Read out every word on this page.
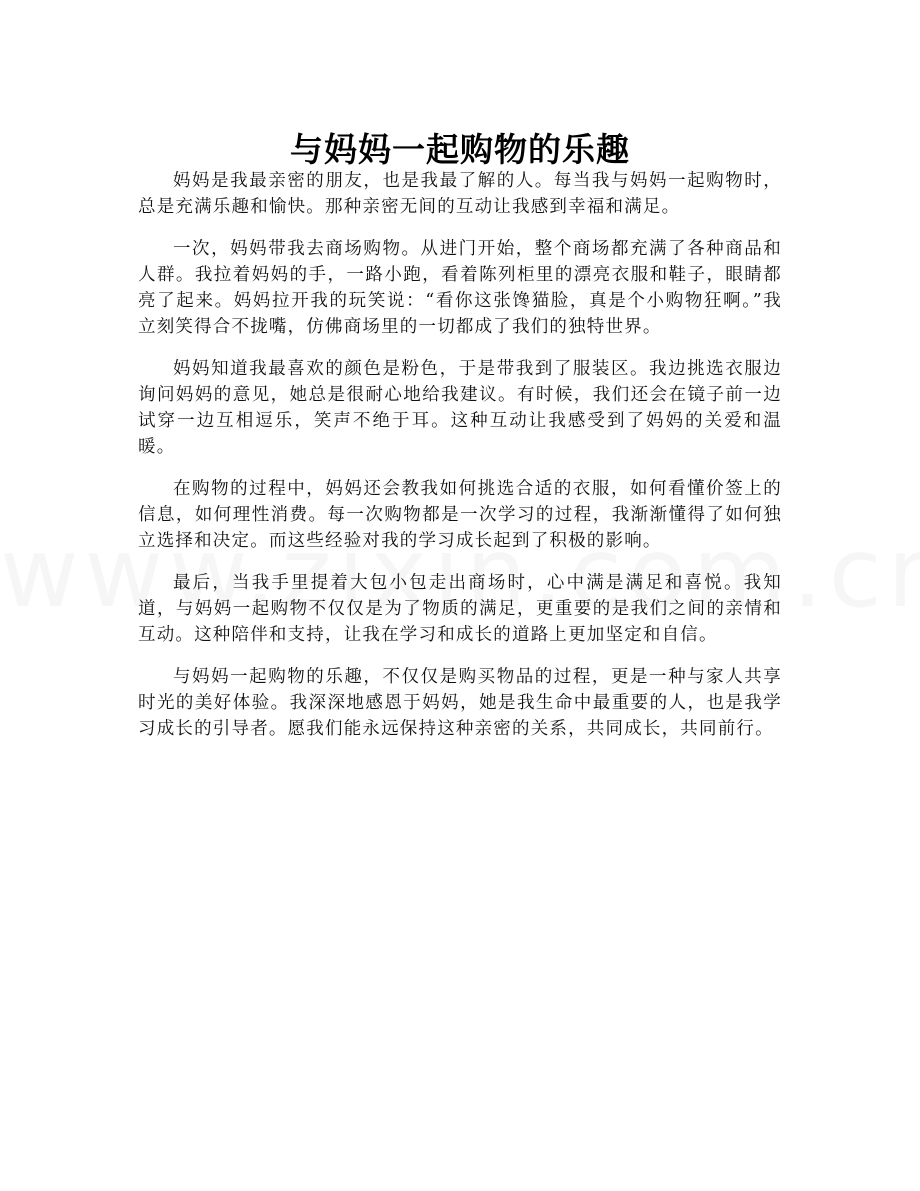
与妈妈一起购物的乐趣

妈妈是我最亲密的朋友，也是我最了解的人。每当我与妈妈一起购物时，总是充满乐趣和愉快。那种亲密无间的互动让我感到幸福和满足。

一次，妈妈带我去商场购物。从进门开始，整个商场都充满了各种商品和人群。我拉着妈妈的手，一路小跑，看着陈列柜里的漂亮衣服和鞋子，眼睛都亮了起来。妈妈拉开我的玩笑说：“看你这张馋猫脸，真是个小购物狂啊。”我立刻笑得合不拢嘴，仿佛商场里的一切都成了我们的独特世界。

妈妈知道我最喜欢的颜色是粉色，于是带我到了服装区。我边挑选衣服边询问妈妈的意见，她总是很耐心地给我建议。有时候，我们还会在镜子前一边试穿一边互相逗乐，笑声不绝于耳。这种互动让我感受到了妈妈的关爱和温暖。

在购物的过程中，妈妈还会教我如何挑选合适的衣服，如何看懂价签上的信息，如何理性消费。每一次购物都是一次学习的过程，我渐渐懂得了如何独立选择和决定。而这些经验对我的学习成长起到了积极的影响。

最后，当我手里提着大包小包走出商场时，心中满是满足和喜悦。我知道，与妈妈一起购物不仅仅是为了物质的满足，更重要的是我们之间的亲情和互动。这种陪伴和支持，让我在学习和成长的道路上更加坚定和自信。

与妈妈一起购物的乐趣，不仅仅是购买物品的过程，更是一种与家人共享时光的美好体验。我深深地感恩于妈妈，她是我生命中最重要的人，也是我学习成长的引导者。愿我们能永远保持这种亲密的关系，共同成长，共同前行。
